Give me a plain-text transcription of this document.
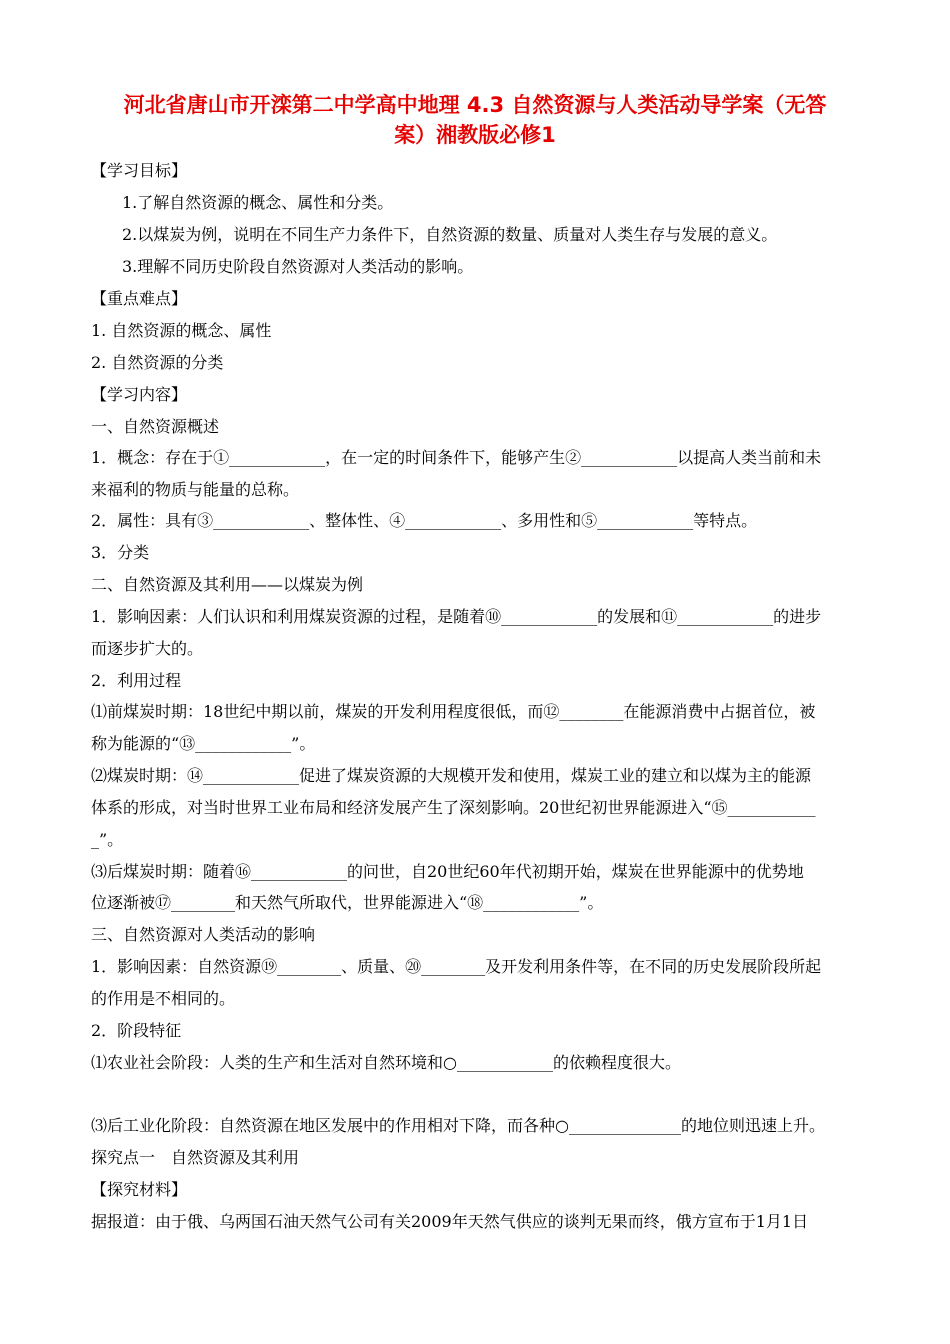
河北省唐山市开滦第二中学高中地理 4.3 自然资源与人类活动导学案（无答
案）湘教版必修1
【学习目标】
1.了解自然资源的概念、属性和分类。
2.以煤炭为例，说明在不同生产力条件下，自然资源的数量、质量对人类生存与发展的意义。
3.理解不同历史阶段自然资源对人类活动的影响。
【重点难点】
1. 自然资源的概念、属性
2. 自然资源的分类
【学习内容】
一、自然资源概述
1．概念：存在于①____________，在一定的时间条件下，能够产生②____________以提高人类当前和未
来福利的物质与能量的总称。
2．属性：具有③____________、整体性、④____________、多用性和⑤____________等特点。
3．分类
二、自然资源及其利用——以煤炭为例
1．影响因素：人们认识和利用煤炭资源的过程，是随着⑩____________的发展和⑪____________的进步
而逐步扩大的。
2．利用过程
⑴前煤炭时期：18世纪中期以前，煤炭的开发利用程度很低，而⑫________在能源消费中占据首位，被
称为能源的“⑬____________”。
⑵煤炭时期：⑭____________促进了煤炭资源的大规模开发和使用，煤炭工业的建立和以煤为主的能源
体系的形成，对当时世界工业布局和经济发展产生了深刻影响。20世纪初世界能源进入“⑮___________
_”。
⑶后煤炭时期：随着⑯____________的问世，自20世纪60年代初期开始，煤炭在世界能源中的优势地
位逐渐被⑰________和天然气所取代，世界能源进入“⑱____________”。
三、自然资源对人类活动的影响
1．影响因素：自然资源⑲________、质量、⑳________及开发利用条件等，在不同的历史发展阶段所起
的作用是不相同的。
2．阶段特征
⑴农业社会阶段：人类的生产和生活对自然环境和○____________的依赖程度很大。
⑶后工业化阶段：自然资源在地区发展中的作用相对下降，而各种○______________的地位则迅速上升。
探究点一　自然资源及其利用
【探究材料】
据报道：由于俄、乌两国石油天然气公司有关2009年天然气供应的谈判无果而终，俄方宣布于1月1日
